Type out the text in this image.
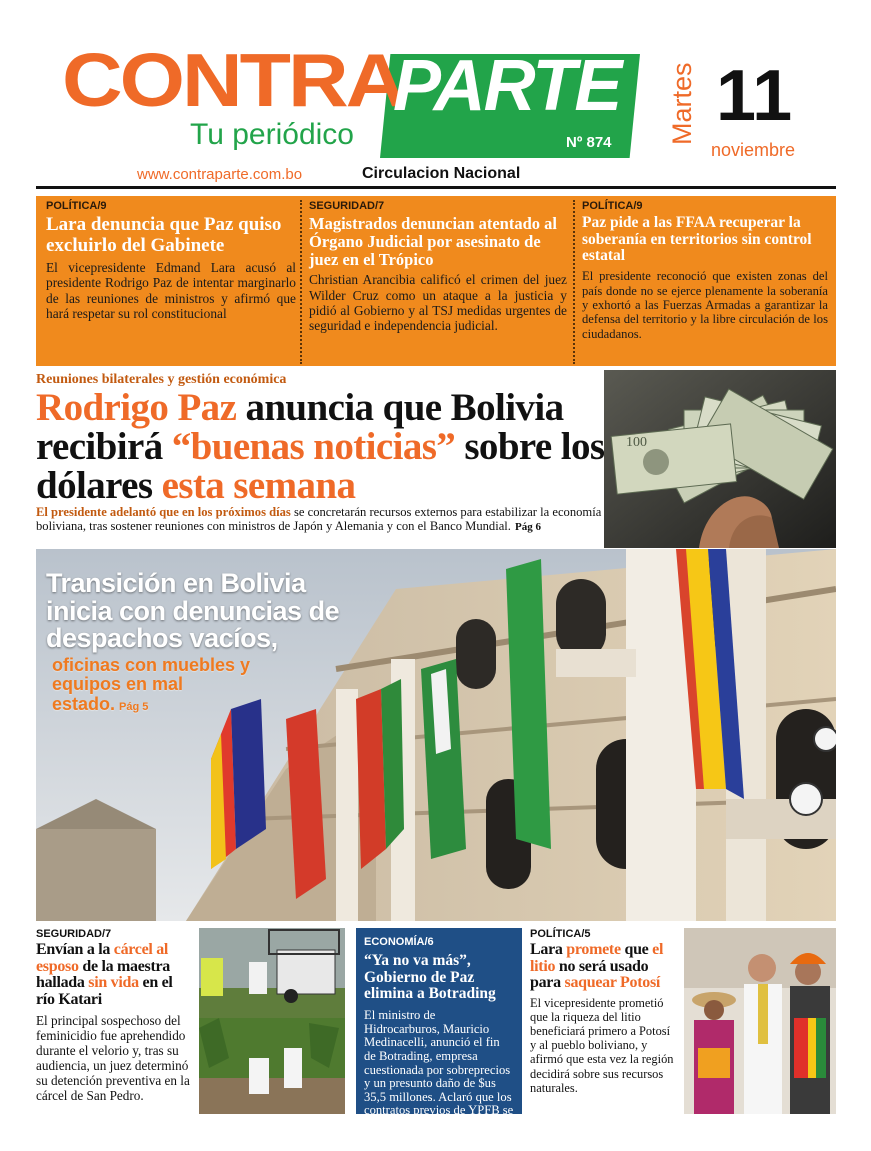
CONTRA
PARTE
Tu periódico	Nº 874
www.contraparte.com.bo	Circulacion Nacional
Martes 11
noviembre
POLÍTICA/9
Lara denuncia que Paz quiso excluirlo del Gabinete

El vicepresidente Edmand Lara acusó al presidente Rodrigo Paz de intentar marginarlo de las reuniones de ministros y afirmó que hará respetar su rol constitucional

SEGURIDAD/7
Magistrados denuncian atentado al Órgano Judicial por asesinato de juez en el Trópico

Christian Arancibia calificó el crimen del juez Wilder Cruz como un ataque a la justicia y pidió al Gobierno y al TSJ medidas urgentes de seguridad e independencia judicial.

POLÍTICA/9
Paz pide a las FFAA recuperar la soberanía en territorios sin control estatal

El presidente reconoció que existen zonas del país donde no se ejerce plenamente la soberanía y exhortó a las Fuerzas Armadas a garantizar la defensa del territorio y la libre circulación de los ciudadanos.

Reuniones bilaterales y gestión económica
Rodrigo Paz anuncia que Bolivia recibirá “buenas noticias” sobre los dólares esta semana
El presidente adelantó que en los próximos días se concretarán recursos externos para estabilizar la economía boliviana, tras sostener reuniones con ministros de Japón y Alemania y con el Banco Mundial. Pág 6
100
Transición en Bolivia inicia con denuncias de despachos vacíos,
oficinas con muebles y equipos en mal estado. Pág 5
SEGURIDAD/7
Envían a la cárcel al esposo de la maestra hallada sin vida en el río Katari

El principal sospechoso del feminicidio fue aprehendido durante el velorio y, tras su audiencia, un juez determinó su detención preventiva en la cárcel de San Pedro.

ECONOMÍA/6
“Ya no va más”, Gobierno de Paz elimina a Botrading

El ministro de Hidrocarburos, Mauricio Medinacelli, anunció el fin de Botrading, empresa cuestionada por sobreprecios y un presunto daño de $us 35,5 millones. Aclaró que los contratos previos de YPFB se mantendrán.

POLÍTICA/5
Lara promete que el litio no será usado para saquear Potosí

El vicepresidente prometió que la riqueza del litio beneficiará primero a Potosí y al pueblo boliviano, y afirmó que esta vez la región decidirá sobre sus recursos naturales.
